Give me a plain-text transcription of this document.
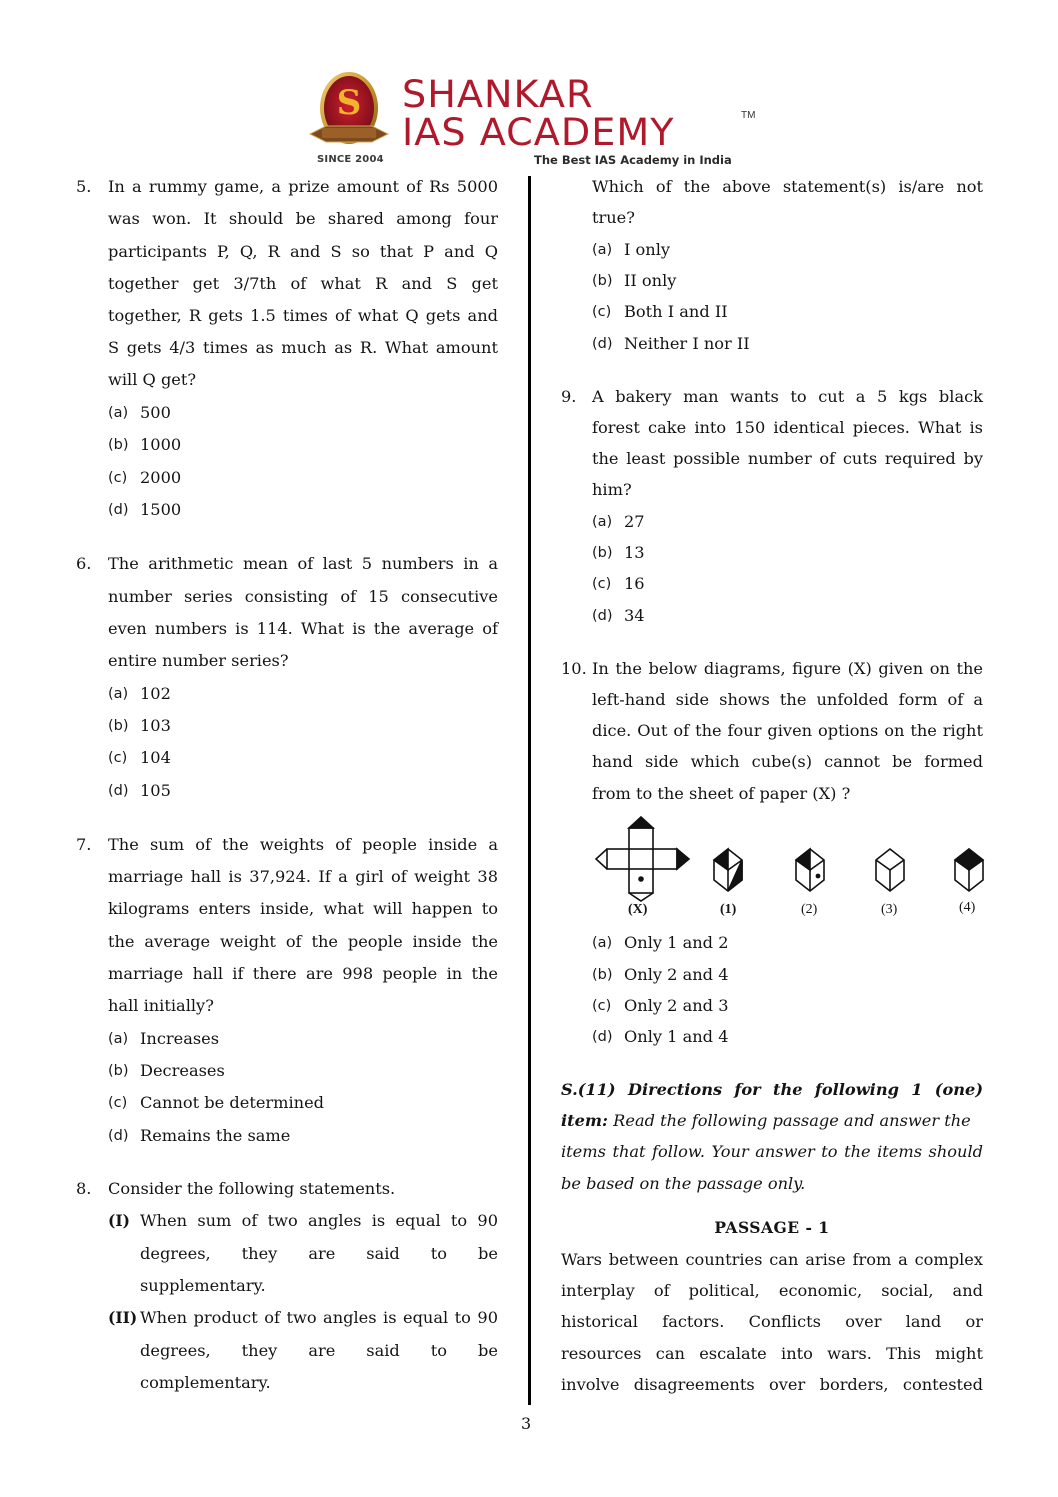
S
SINCE 2004
SHANKAR
IAS ACADEMY	TM
The Best IAS Academy in India
5. In a rummy game, a prize amount of Rs 5000
was won. It should be shared among four
participants P, Q, R and S so that P and Q
together get 3/7th of what R and S get
together, R gets 1.5 times of what Q gets and
S gets 4/3 times as much as R. What amount
will Q get?
(a) 500
(b) 1000
(c) 2000
(d) 1500
6. The arithmetic mean of last 5 numbers in a
number series consisting of 15 consecutive
even numbers is 114. What is the average of
entire number series?
(a) 102
(b) 103
(c) 104
(d) 105
7. The sum of the weights of people inside a
marriage hall is 37,924. If a girl of weight 38
kilograms enters inside, what will happen to
the average weight of the people inside the
marriage hall if there are 998 people in the
hall initially?
(a) Increases
(b) Decreases
(c) Cannot be determined
(d) Remains the same
8. Consider the following statements.
(I) When sum of two angles is equal to 90
degrees, they are said to be
supplementary.
(II) When product of two angles is equal to 90
degrees, they are said to be
complementary.
Which of the above statement(s) is/are not
true?
(a) I only
(b) II only
(c) Both I and II
(d) Neither I nor II
9. A bakery man wants to cut a 5 kgs black
forest cake into 150 identical pieces. What is
the least possible number of cuts required by
him?
(a) 27
(b) 13
(c) 16
(d) 34
10. In the below diagrams, figure (X) given on the
left-hand side shows the unfolded form of a
dice. Out of the four given options on the right
hand side which cube(s) cannot be formed
from to the sheet of paper (X) ?
(X)	(1)	(2)	(3)	(4)
(a) Only 1 and 2
(b) Only 2 and 4
(c) Only 2 and 3
(d) Only 1 and 4
S.(11) Directions for the following 1 (one)
item: Read the following passage and answer the
items that follow. Your answer to the items should
be based on the passage only.
PASSAGE - 1
Wars between countries can arise from a complex
interplay of political, economic, social, and
historical factors. Conflicts over land or
resources can escalate into wars. This might
involve disagreements over borders, contested
3
